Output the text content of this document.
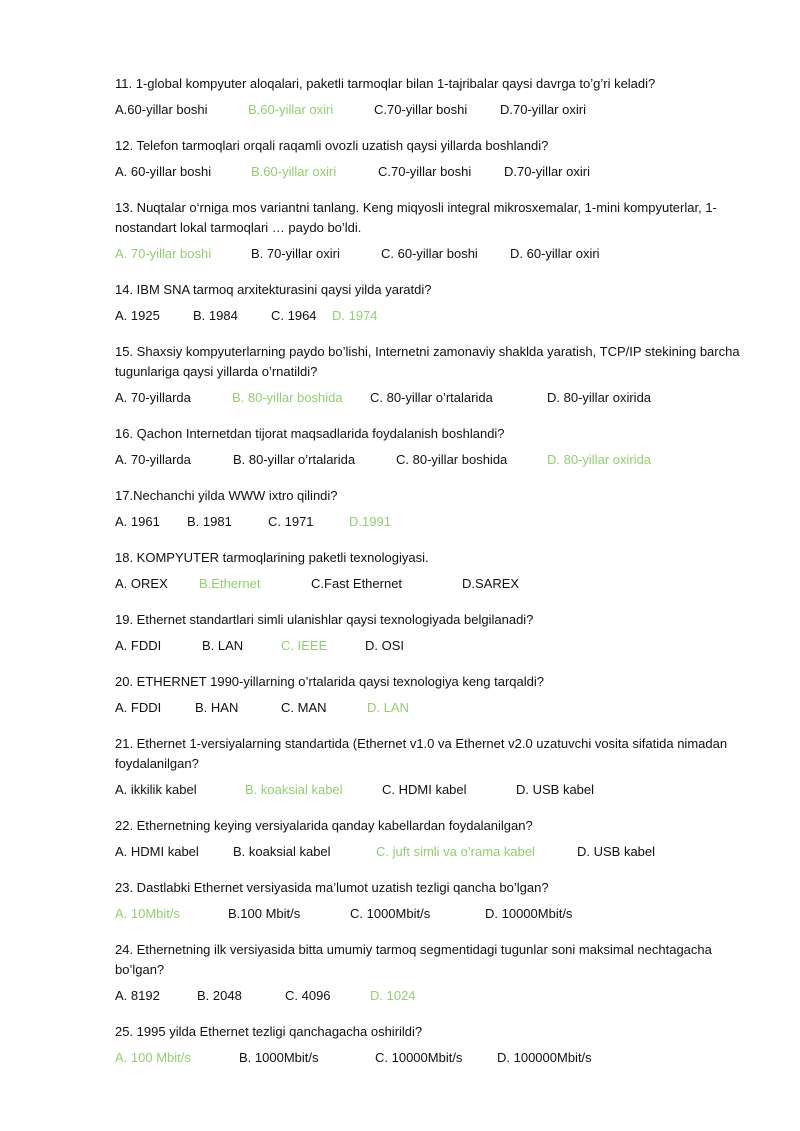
11. 1-global kompyuter aloqalari, paketli tarmoqlar bilan 1-tajribalar qaysi davrga to’g’ri keladi?

A.60-yillar boshi	B.60-yillar oxiri	C.70-yillar boshi	D.70-yillar oxiri

12. Telefon tarmoqlari orqali raqamli ovozli uzatish qaysi yillarda boshlandi?

A. 60-yillar boshi	B.60-yillar oxiri	C.70-yillar boshi	D.70-yillar oxiri

13. Nuqtalar o‘rniga mos variantni tanlang. Keng miqyosli integral mikrosxemalar, 1-mini kompyuterlar, 1-nostandart lokal tarmoqlari … paydo bo’ldi.

A. 70-yillar boshi	B. 70-yillar oxiri	C. 60-yillar boshi D. 60-yillar oxiri

14. IBM SNA tarmoq arxitekturasini qaysi yilda yaratdi?

A. 1925	B. 1984	C. 1964 D. 1974

15. Shaxsiy kompyuterlarning paydo bo’lishi, Internetni zamonaviy shaklda yaratish, TCP/IP stekining barcha tugunlariga qaysi yillarda o’rnatildi?

A. 70-yillarda	B. 80-yillar boshida C. 80-yillar o’rtalarida	D. 80-yillar oxirida

16. Qachon Internetdan tijorat maqsadlarida foydalanish boshlandi?

A. 70-yillarda	B. 80-yillar o’rtalarida	C. 80-yillar boshida	D. 80-yillar oxirida

17.Nechanchi yilda WWW ixtro qilindi?

A. 1961 B. 1981	C. 1971	D.1991

18. KOMPYUTER tarmoqlarining paketli texnologiyasi.

A. OREX B.Ethernet	C.Fast Ethernet	D.SAREX

19. Ethernet standartlari simli ulanishlar qaysi texnologiyada belgilanadi?

A. FDDI	B. LAN	C. IEEE	D. OSI

20. ETHERNET 1990-yillarning o’rtalarida qaysi texnologiya keng tarqaldi?

A. FDDI	B. HAN	C. MAN	D. LAN

21. Ethernet 1-versiyalarning standartida (Ethernet v1.0 va Ethernet v2.0 uzatuvchi vosita sifatida nimadan foydalanilgan?

A. ikkilik kabel	B. koaksial kabel	C. HDMI kabel	D. USB kabel

22. Ethernetning keying versiyalarida qanday kabellardan foydalanilgan?

A. HDMI kabel	B. koaksial kabel	C. juft simli va o’rama kabel	D. USB kabel

23. Dastlabki Ethernet versiyasida ma’lumot uzatish tezligi qancha bo’lgan?

A. 10Mbit/s	B.100 Mbit/s	C. 1000Mbit/s	D. 10000Mbit/s

24. Ethernetning ilk versiyasida bitta umumiy tarmoq segmentidagi tugunlar soni maksimal nechtagacha bo’lgan?

A. 8192	B. 2048	C. 4096	D. 1024

25. 1995 yilda Ethernet tezligi qanchagacha oshirildi?

A. 100 Mbit/s	B. 1000Mbit/s	C. 10000Mbit/s	D. 100000Mbit/s
